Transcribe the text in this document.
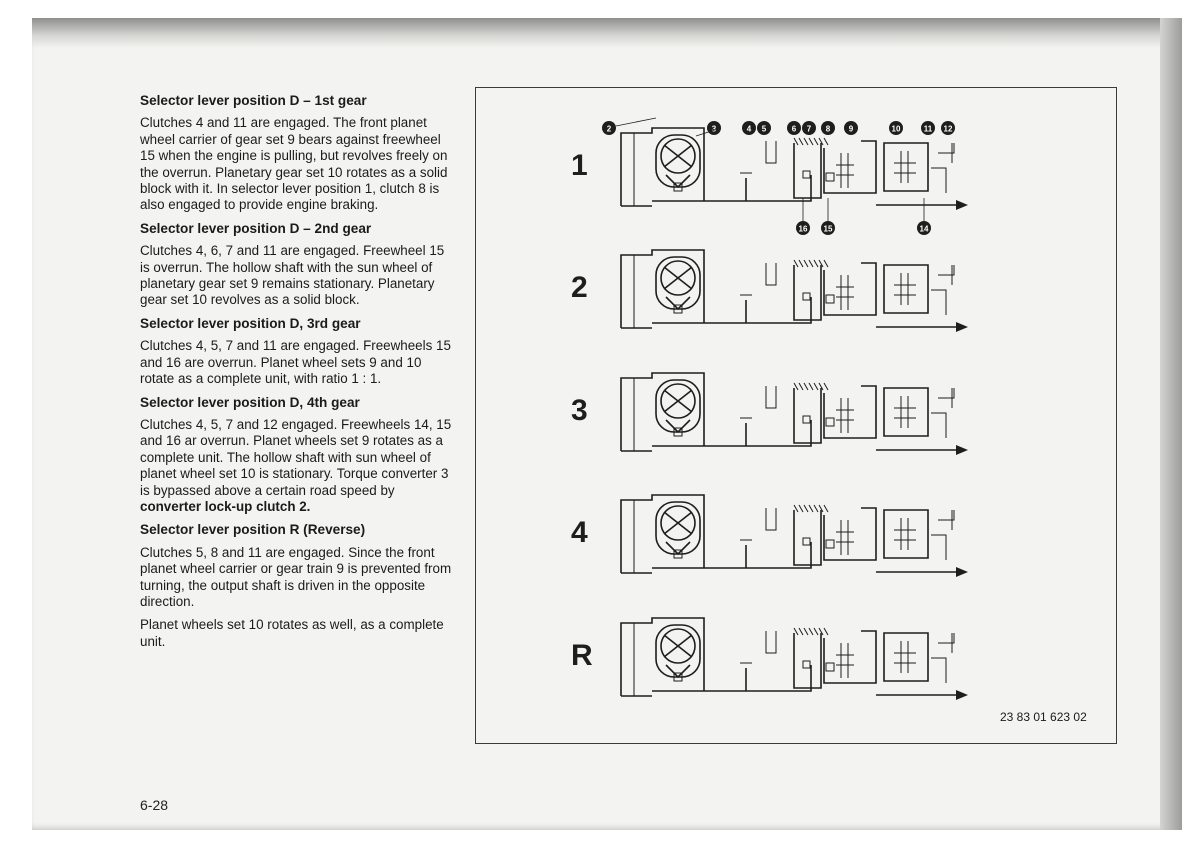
Selector lever position D – 1st gear
Clutches 4 and 11 are engaged. The front planet wheel carrier of gear set 9 bears against freewheel 15 when the engine is pulling, but revolves freely on the overrun. Planetary gear set 10 rotates as a solid block with it. In selector lever position 1, clutch 8 is also engaged to provide engine braking.
Selector lever position D – 2nd gear
Clutches 4, 6, 7 and 11 are engaged. Freewheel 15 is overrun. The hollow shaft with the sun wheel of planetary gear set 9 remains stationary. Planetary gear set 10 revolves as a solid block.
Selector lever position D, 3rd gear
Clutches 4, 5, 7 and 11 are engaged. Freewheels 15 and 16 are overrun. Planet wheel sets 9 and 10 rotate as a complete unit, with ratio 1 : 1.
Selector lever position D, 4th gear
Clutches 4, 5, 7 and 12 engaged. Freewheels 14, 15 and 16 ar overrun. Planet wheels set 9 rotates as a complete unit. The hollow shaft with sun wheel of planet wheel set 10 is stationary. Torque converter 3 is bypassed above a certain road speed by converter lock-up clutch 2.
Selector lever position R (Reverse)
Clutches 5, 8 and 11 are engaged. Since the front planet wheel carrier or gear train 9 is prevented from turning, the output shaft is driven in the opposite direction.
Planet wheels set 10 rotates as well, as a complete unit.
6-28
1
2
3
4
R
2	3	4 5	6 7 8 9	10	11 12
16 15	14
23 83 01 623 02
